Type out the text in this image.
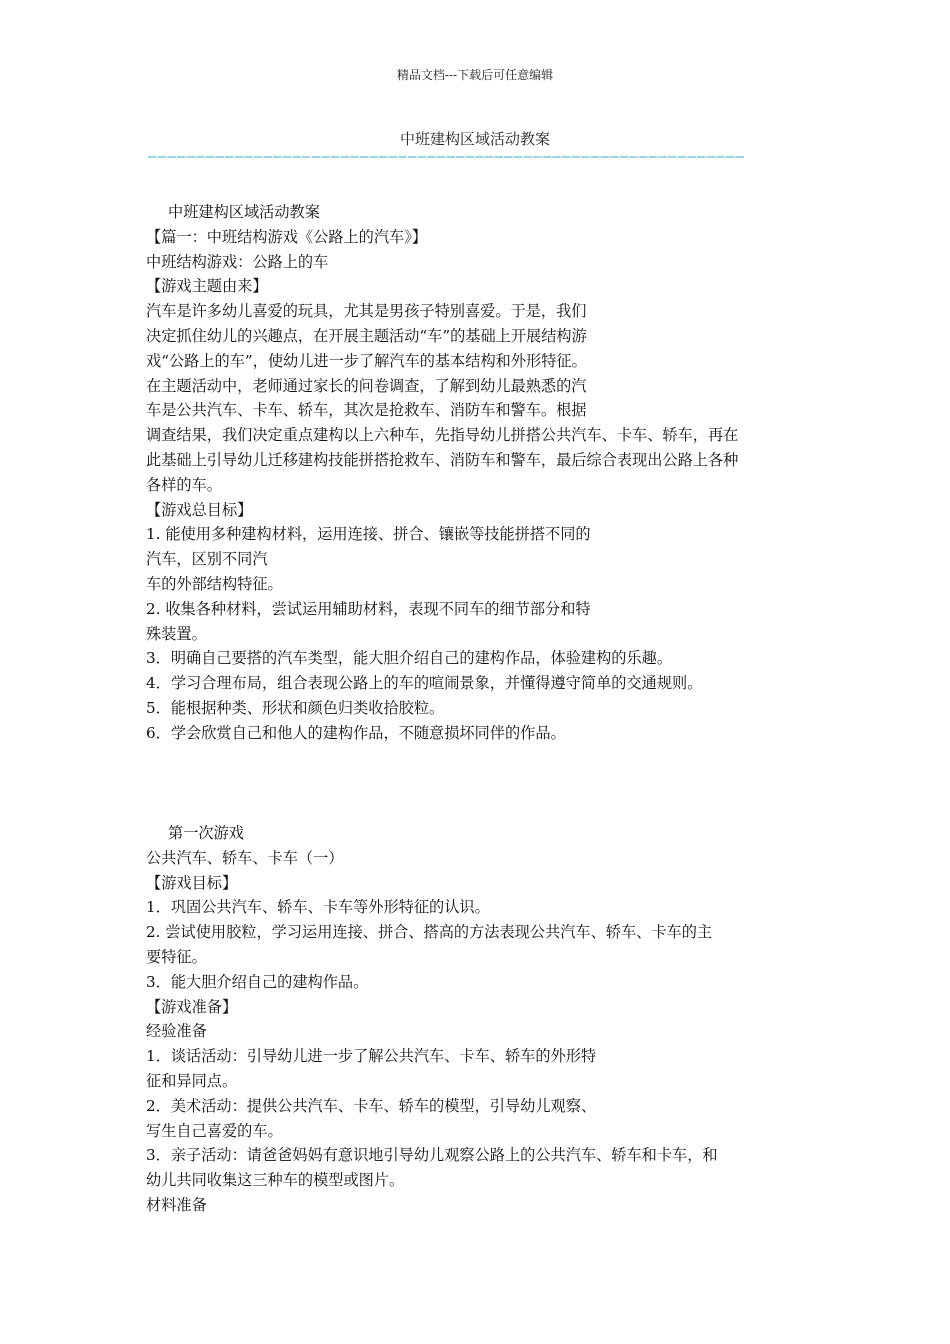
精品文档---下载后可任意编辑
中班建构区域活动教案
——————————————————————————————————————————————————————————————

中班建构区域活动教案

【篇一：中班结构游戏《公路上的汽车》】

中班结构游戏：公路上的车

【游戏主题由来】

汽车是许多幼儿喜爱的玩具，尤其是男孩子特别喜爱。于是，我们

决定抓住幼儿的兴趣点，在开展主题活动“车”的基础上开展结构游

戏“公路上的车”，使幼儿进一步了解汽车的基本结构和外形特征。

在主题活动中，老师通过家长的问卷调查，了解到幼儿最熟悉的汽

车是公共汽车、卡车、轿车，其次是抢救车、消防车和警车。根据

调查结果，我们决定重点建构以上六种车，先指导幼儿拼搭公共汽车、卡车、轿车，再在

此基础上引导幼儿迁移建构技能拼搭抢救车、消防车和警车，最后综合表现出公路上各种

各样的车。

【游戏总目标】

1. 能使用多种建构材料，运用连接、拼合、镶嵌等技能拼搭不同的

汽车，区别不同汽

车的外部结构特征。

2. 收集各种材料，尝试运用辅助材料，表现不同车的细节部分和特

殊装置。

3．明确自己要搭的汽车类型，能大胆介绍自己的建构作品，体验建构的乐趣。

4．学习合理布局，组合表现公路上的车的喧闹景象，并懂得遵守简单的交通规则。

5．能根据种类、形状和颜色归类收拾胶粒。

6．学会欣赏自己和他人的建构作品，不随意损坏同伴的作品。

第一次游戏

公共汽车、轿车、卡车（一）

【游戏目标】

1．巩固公共汽车、轿车、卡车等外形特征的认识。

2. 尝试使用胶粒，学习运用连接、拼合、搭高的方法表现公共汽车、轿车、卡车的主

要特征。

3．能大胆介绍自己的建构作品。

【游戏准备】

经验准备

1．谈话活动：引导幼儿进一步了解公共汽车、卡车、轿车的外形特

征和异同点。

2．美术活动：提供公共汽车、卡车、轿车的模型，引导幼儿观察、

写生自己喜爱的车。

3．亲子活动：请爸爸妈妈有意识地引导幼儿观察公路上的公共汽车、轿车和卡车，和

幼儿共同收集这三种车的模型或图片。

材料准备
